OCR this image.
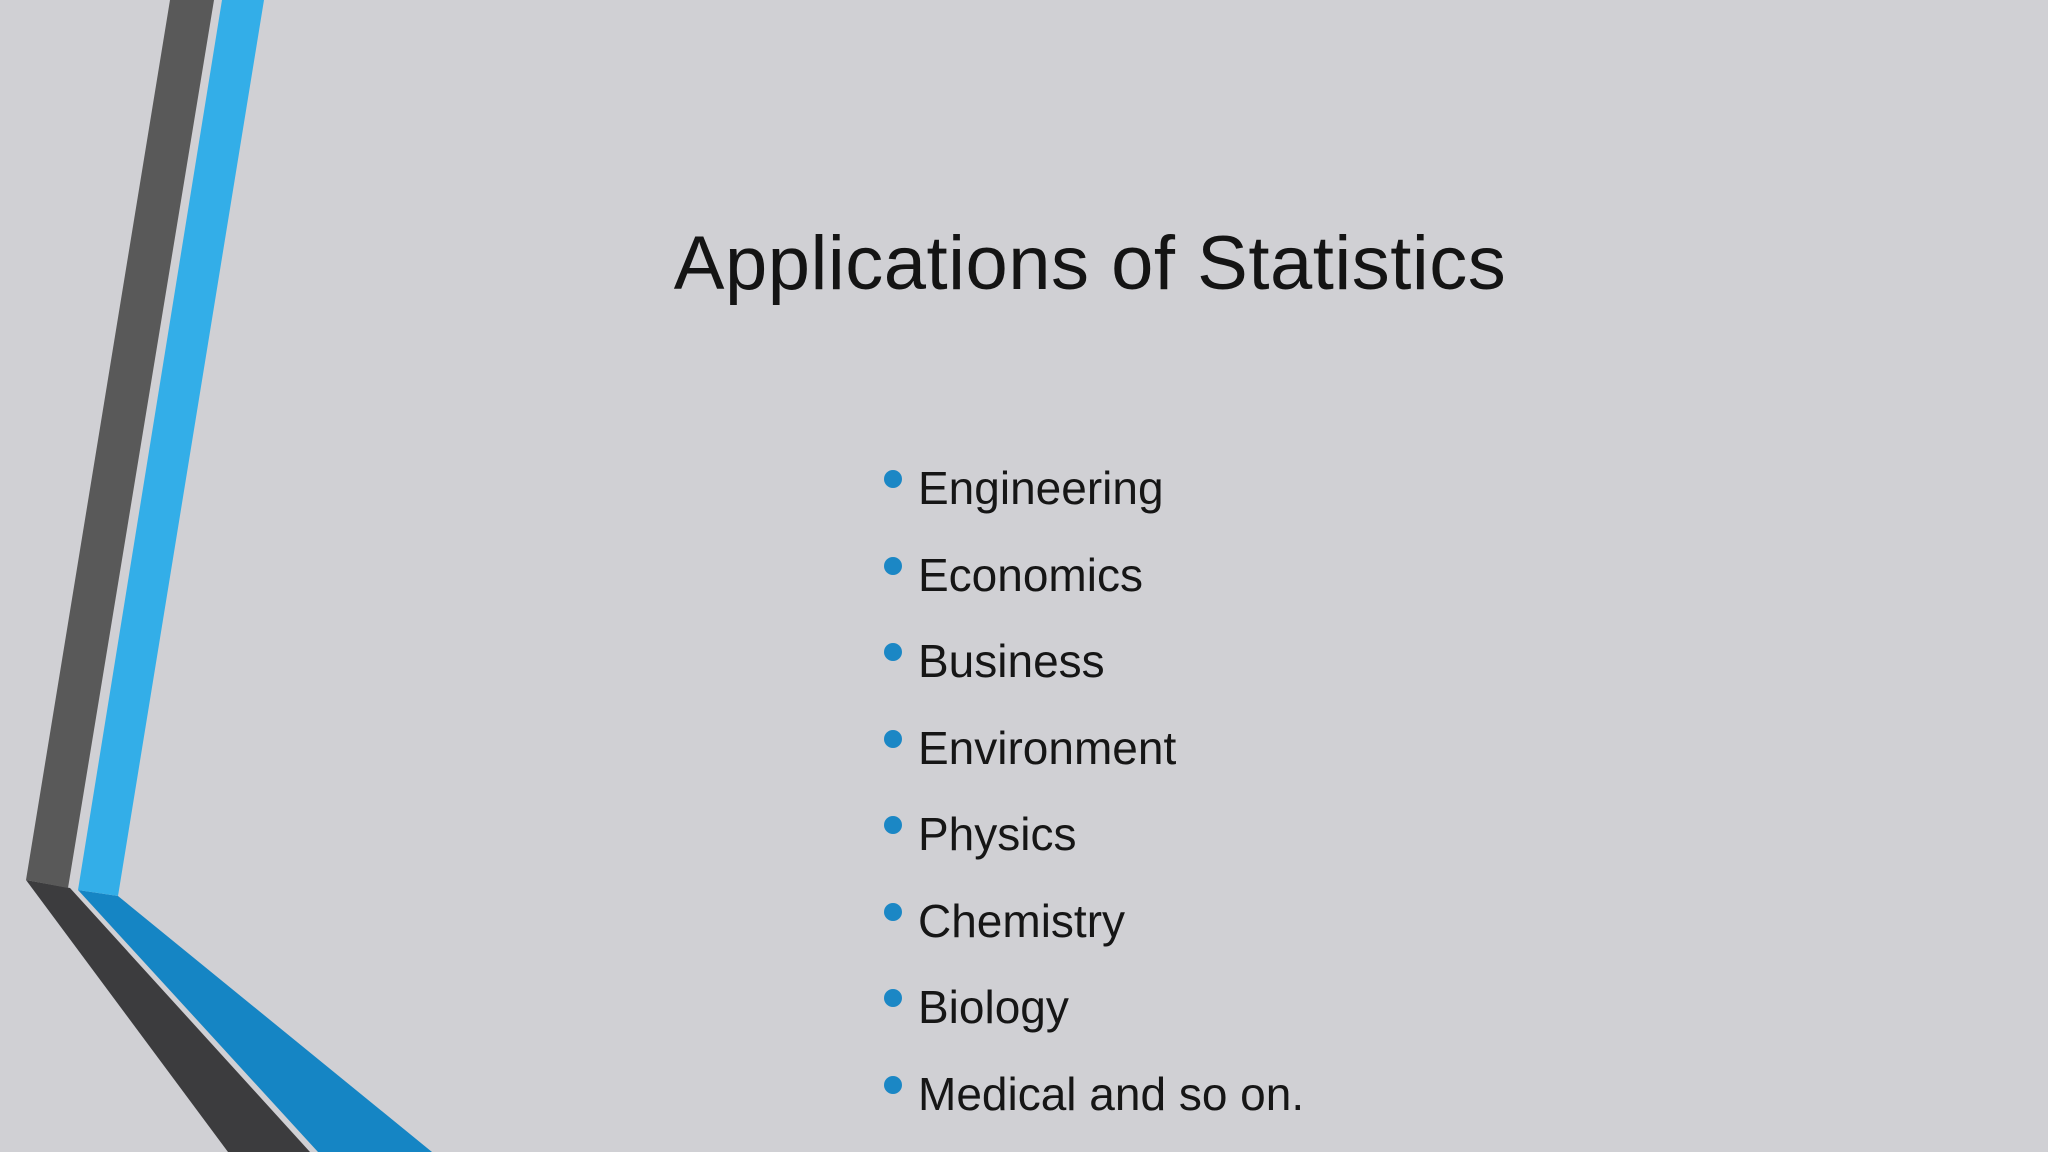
Applications of Statistics
Engineering
Economics
Business
Environment
Physics
Chemistry
Biology
Medical and so on.
